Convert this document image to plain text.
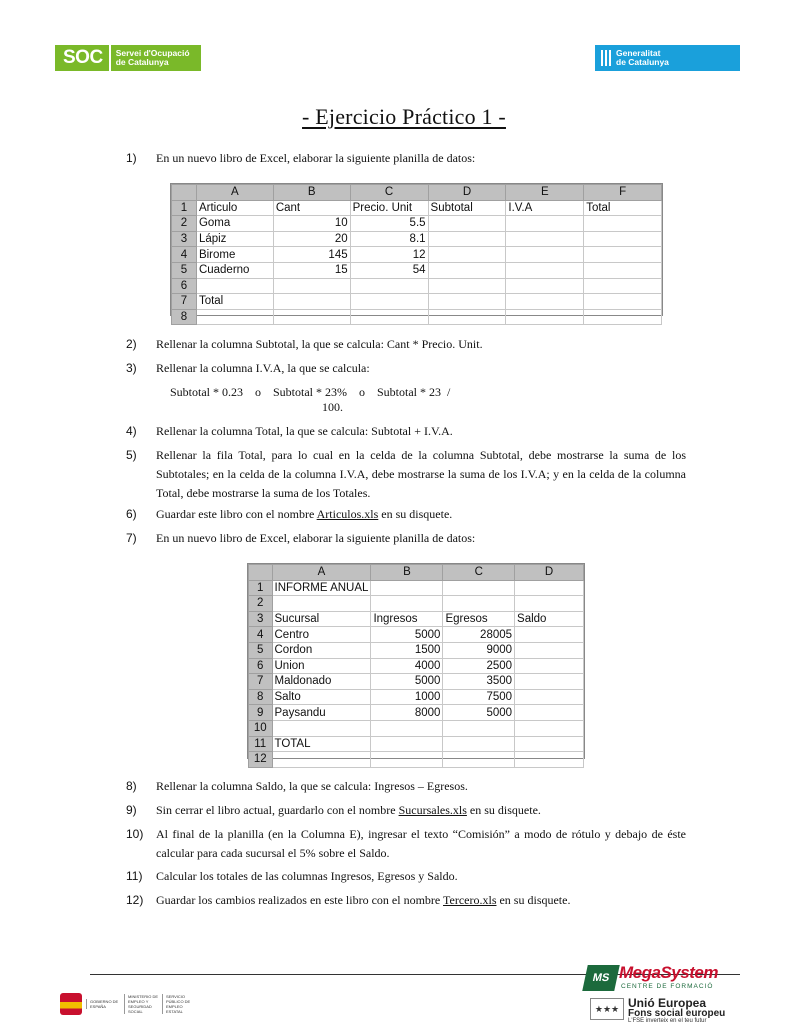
SOC	Servei d'Ocupació
de Catalunya
Generalitat
de Catalunya
- Ejercicio Práctico 1 -
1) En un nuevo libro de Excel, elaborar la siguiente planilla de datos:
	A	B	C	D	E	F
1	Articulo	Cant	Precio. Unit	Subtotal	I.V.A	Total
2	Goma	10	5.5			
3	Lápiz	20	8.1			
4	Birome	145	12			
5	Cuaderno	15	54			
6						
7	Total					
8						
2) Rellenar la columna Subtotal, la que se calcula: Cant * Precio. Unit.
3) Rellenar la columna I.V.A, la que se calcula:
Subtotal * 0.23    o    Subtotal * 23%    o    Subtotal * 23  /
100.
4) Rellenar la columna Total, la que se calcula: Subtotal + I.V.A.
5) Rellenar la fila Total, para lo cual en la celda de la columna Subtotal, debe mostrarse la suma de los Subtotales; en la celda de la columna I.V.A, debe mostrarse la suma de los I.V.A; y en la celda de la columna Total, debe mostrarse la suma de los Totales.
6) Guardar este libro con el nombre Articulos.xls en su disquete.
7) En un nuevo libro de Excel, elaborar la siguiente planilla de datos:
	A	B	C	D
1	INFORME ANUAL			
2				
3	Sucursal	Ingresos	Egresos	Saldo
4	Centro	5000	28005	
5	Cordon	1500	9000	
6	Union	4000	2500	
7	Maldonado	5000	3500	
8	Salto	1000	7500	
9	Paysandu	8000	5000	
10				
11	TOTAL			
12				
8) Rellenar la columna Saldo, la que se calcula: Ingresos – Egresos.
9) Sin cerrar el libro actual, guardarlo con el nombre Sucursales.xls en su disquete.
10) Al final de la planilla (en la Columna E), ingresar el texto “Comisión” a modo de rótulo y debajo de éste calcular para cada sucursal el 5% sobre el Saldo.
11) Calcular los totales de las columnas Ingresos, Egresos y Saldo.
12) Guardar los cambios realizados en este libro con el nombre Tercero.xls en su disquete.
GOBIERNO DE ESPAÑA
MINISTERIO DE EMPLEO Y SEGURIDAD SOCIAL
SERVICIO PÚBLICO DE EMPLEO ESTATAL
MS MegaSystem
CENTRE DE FORMACIÓ
★★★ Unió Europea
Fons social europeu
L'FSE inverteix en el teu futur
